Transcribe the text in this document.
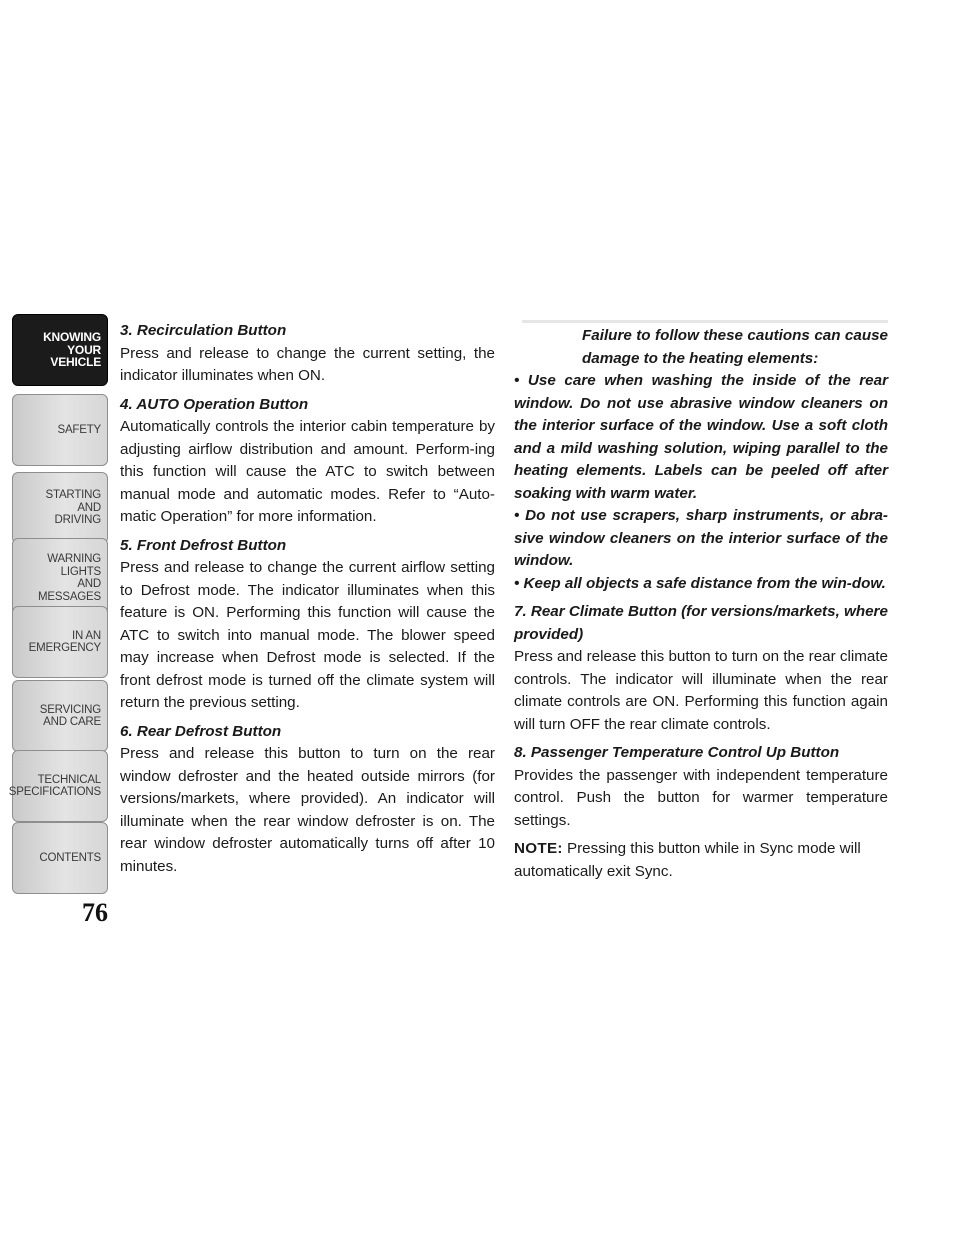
KNOWING
YOUR
VEHICLE
SAFETY
STARTING
AND
DRIVING
WARNING
LIGHTS
AND
MESSAGES
IN AN
EMERGENCY
SERVICING
AND CARE
TECHNICAL
SPECIFICATIONS
CONTENTS
76
3. Recirculation Button
Press and release to change the current setting, the indicator illuminates when ON.
4. AUTO Operation Button
Automatically controls the interior cabin temperature by adjusting airflow distribution and amount. Perform-ing this function will cause the ATC to switch between manual mode and automatic modes. Refer to “Auto-matic Operation” for more information.
5. Front Defrost Button
Press and release to change the current airflow setting to Defrost mode. The indicator illuminates when this feature is ON. Performing this function will cause the ATC to switch into manual mode. The blower speed may increase when Defrost mode is selected. If the front defrost mode is turned off the climate system will return the previous setting.
6. Rear Defrost Button
Press and release this button to turn on the rear window defroster and the heated outside mirrors (for versions/markets, where provided). An indicator will illuminate when the rear window defroster is on. The rear window defroster automatically turns off after 10 minutes.
Failure to follow these cautions can cause damage to the heating elements:
• Use care when washing the inside of the rear window. Do not use abrasive window cleaners on the interior surface of the window. Use a soft cloth and a mild washing solution, wiping parallel to the heating elements. Labels can be peeled off after soaking with warm water.
• Do not use scrapers, sharp instruments, or abra-sive window cleaners on the interior surface of the window.
• Keep all objects a safe distance from the win-dow.
7. Rear Climate Button (for versions/markets, where provided)
Press and release this button to turn on the rear climate controls. The indicator will illuminate when the rear climate controls are ON. Performing this function again will turn OFF the rear climate controls.
8. Passenger Temperature Control Up Button
Provides the passenger with independent temperature control. Push the button for warmer temperature settings.
NOTE: Pressing this button while in Sync mode will automatically exit Sync.
